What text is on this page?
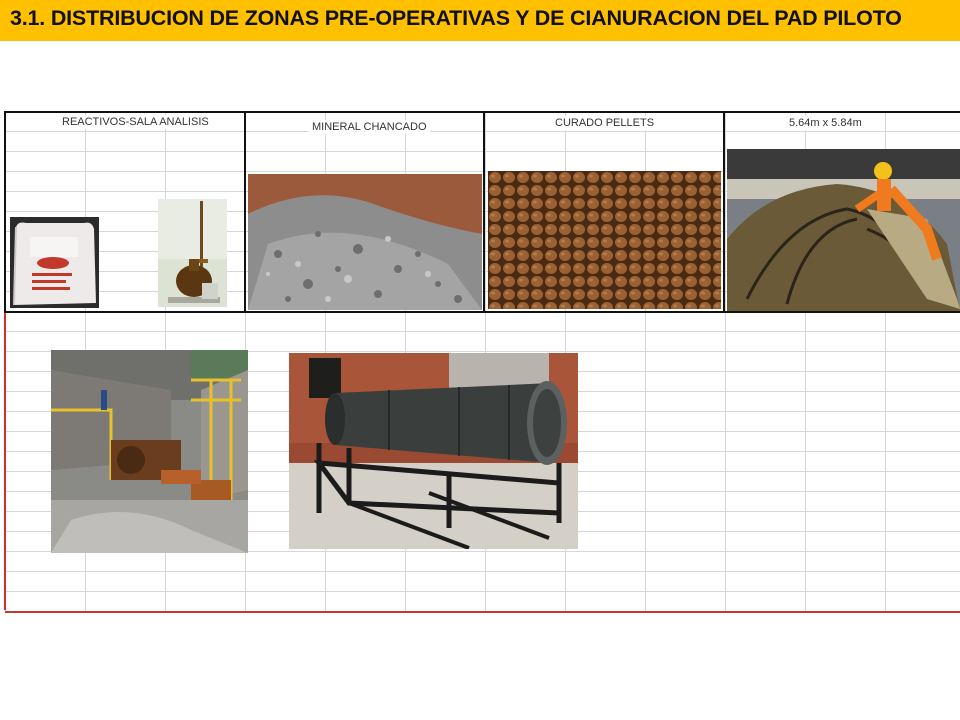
3.1. DISTRIBUCION DE ZONAS PRE-OPERATIVAS Y DE CIANURACION DEL PAD PILOTO
REACTIVOS-SALA ANALISIS	MINERAL CHANCADO	CURADO PELLETS	5.64m x 5.84m
